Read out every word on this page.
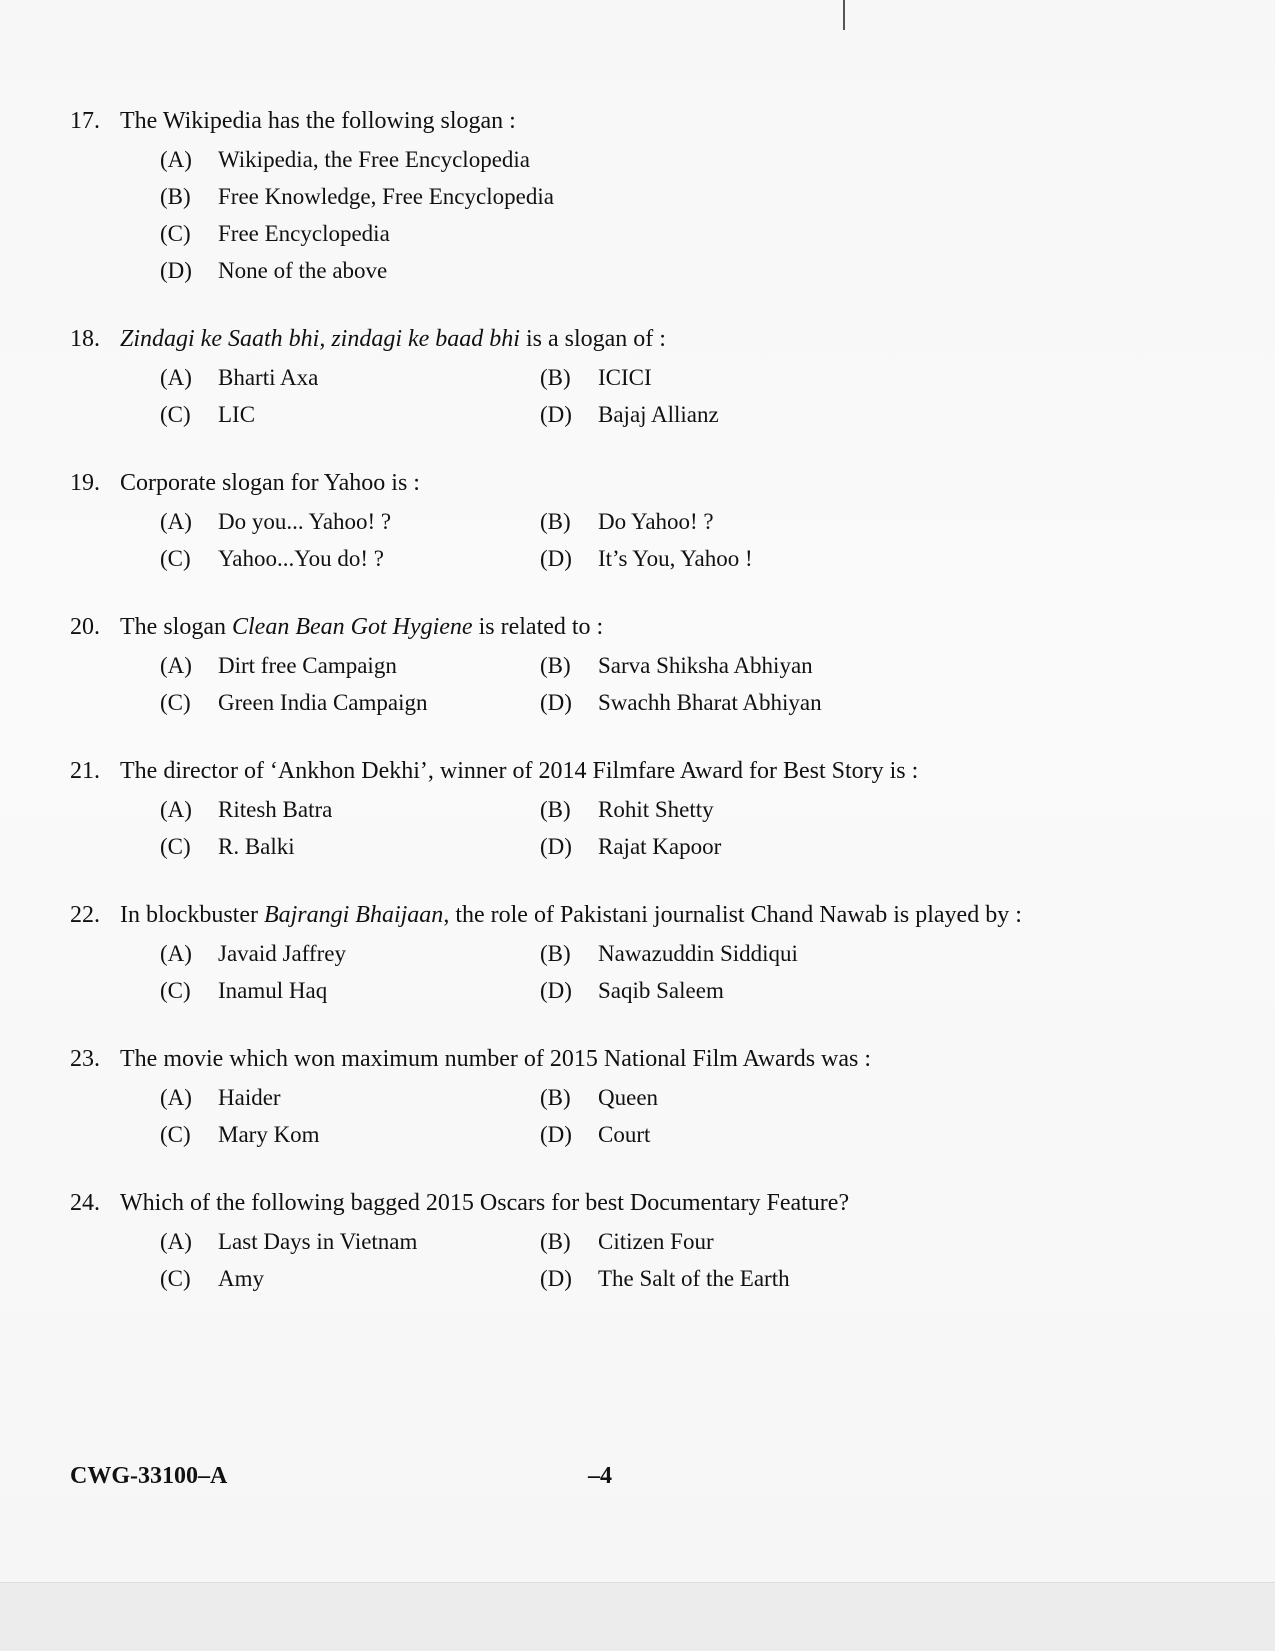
17. The Wikipedia has the following slogan :
(A)	Wikipedia, the Free Encyclopedia
(B)	Free Knowledge, Free Encyclopedia
(C)	Free Encyclopedia
(D)	None of the above
18. Zindagi ke Saath bhi, zindagi ke baad bhi is a slogan of :
(A)	Bharti Axa	(B)	ICICI
(C)	LIC	(D)	Bajaj Allianz
19. Corporate slogan for Yahoo is :
(A)	Do you... Yahoo! ?	(B)	Do Yahoo! ?
(C)	Yahoo...You do! ?	(D)	It’s You, Yahoo !
20. The slogan Clean Bean Got Hygiene is related to :
(A)	Dirt free Campaign	(B)	Sarva Shiksha Abhiyan
(C)	Green India Campaign	(D)	Swachh Bharat Abhiyan
21. The director of ‘Ankhon Dekhi’, winner of 2014 Filmfare Award for Best Story is :
(A)	Ritesh Batra	(B)	Rohit Shetty
(C)	R. Balki	(D)	Rajat Kapoor
22. In blockbuster Bajrangi Bhaijaan, the role of Pakistani journalist Chand Nawab is played by :
(A)	Javaid Jaffrey	(B)	Nawazuddin Siddiqui
(C)	Inamul Haq	(D)	Saqib Saleem
23. The movie which won maximum number of 2015 National Film Awards was :
(A)	Haider	(B)	Queen
(C)	Mary Kom	(D)	Court
24. Which of the following bagged 2015 Oscars for best Documentary Feature?
(A)	Last Days in Vietnam	(B)	Citizen Four
(C)	Amy	(D)	The Salt of the Earth
CWG-33100–A	–4
